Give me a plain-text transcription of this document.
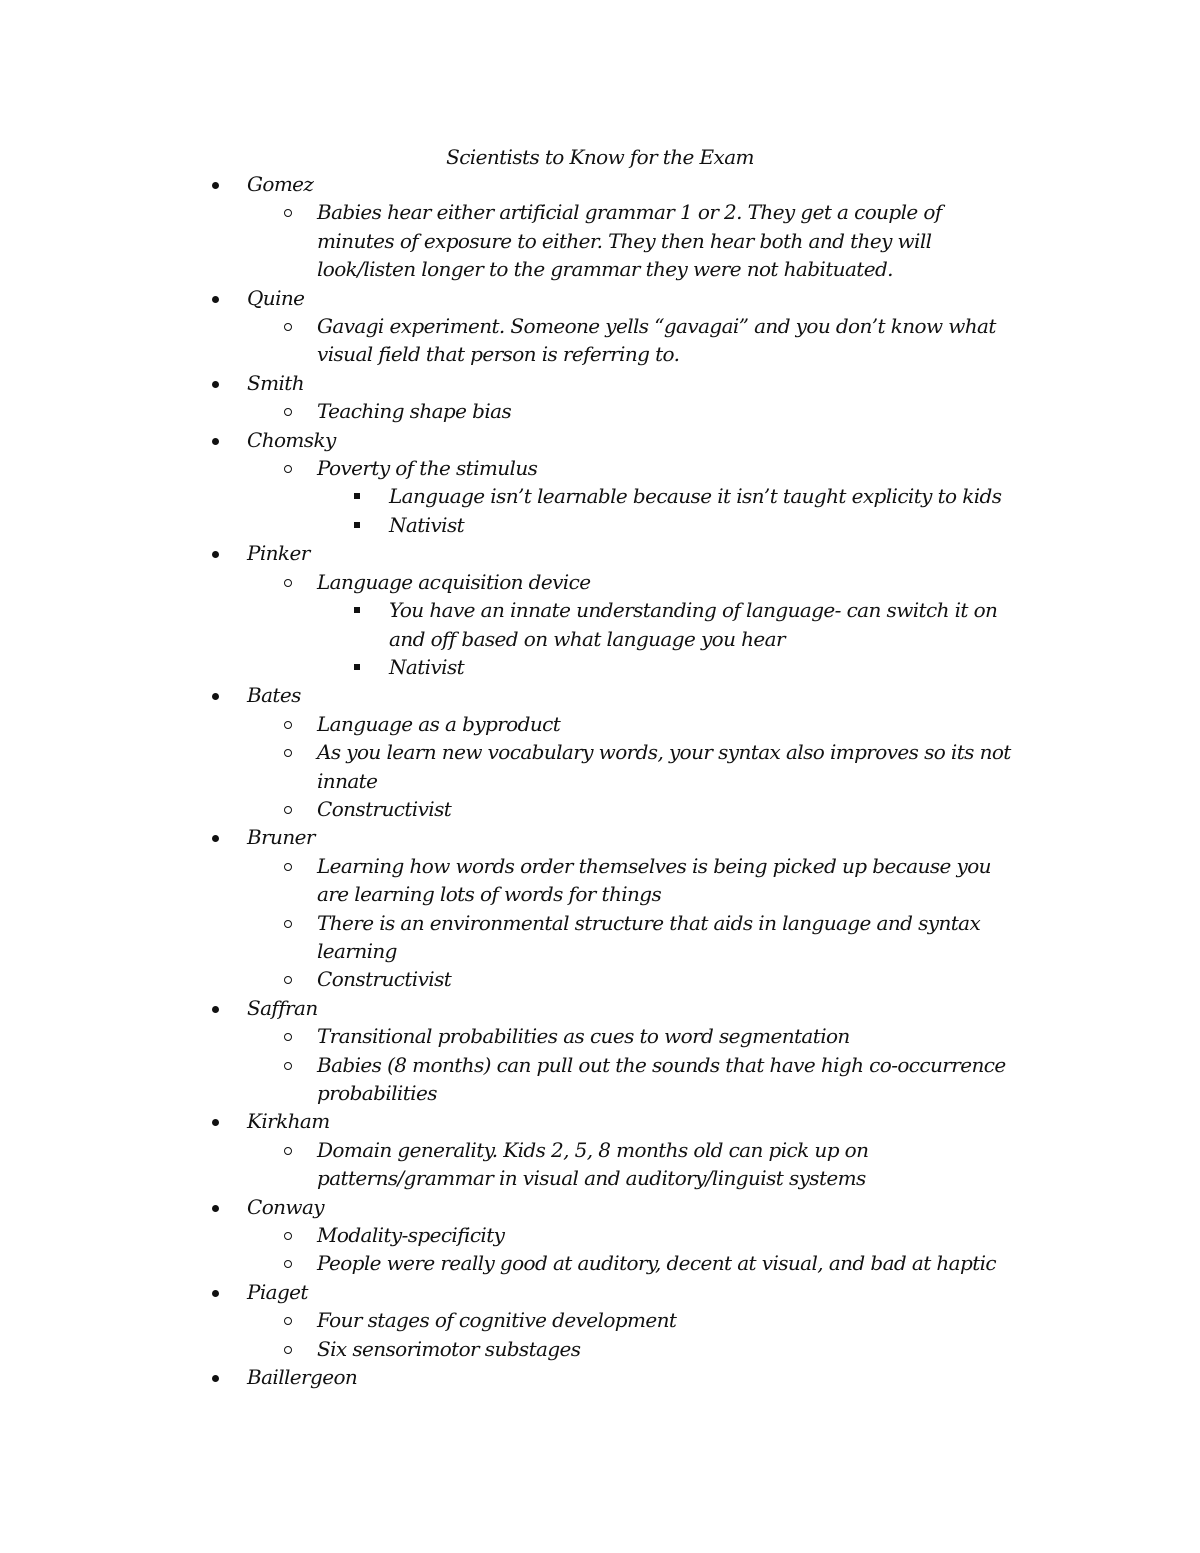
Scientists to Know for the Exam
Gomez
Babies hear either artificial grammar 1 or 2. They get a couple of minutes of exposure to either. They then hear both and they will look/listen longer to the grammar they were not habituated.
Quine
Gavagi experiment. Someone yells “gavagai” and you don’t know what visual field that person is referring to.
Smith
Teaching shape bias
Chomsky
Poverty of the stimulus
Language isn’t learnable because it isn’t taught explicity to kids
Nativist
Pinker
Language acquisition device
You have an innate understanding of language- can switch it on and off based on what language you hear
Nativist
Bates
Language as a byproduct
As you learn new vocabulary words, your syntax also improves so its not innate
Constructivist
Bruner
Learning how words order themselves is being picked up because you are learning lots of words for things
There is an environmental structure that aids in language and syntax learning
Constructivist
Saffran
Transitional probabilities as cues to word segmentation
Babies (8 months) can pull out the sounds that have high co-occurrence probabilities
Kirkham
Domain generality. Kids 2, 5, 8 months old can pick up on patterns/grammar in visual and auditory/linguist systems
Conway
Modality-specificity
People were really good at auditory, decent at visual, and bad at haptic
Piaget
Four stages of cognitive development
Six sensorimotor substages
Baillergeon
